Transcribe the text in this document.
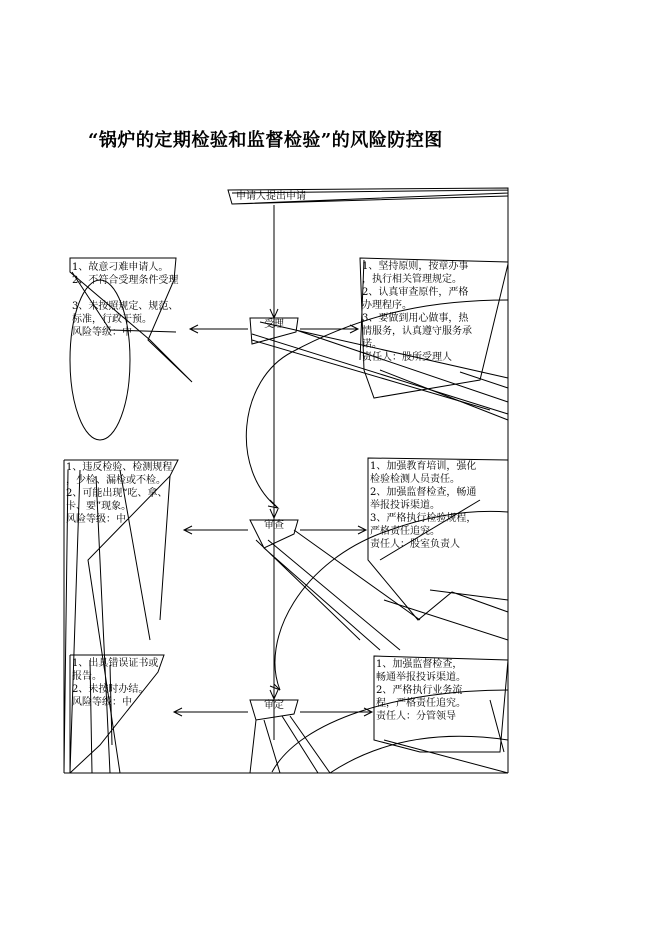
“锅炉的定期检验和监督检验”的风险防控图
申请人提出申请
受理
审查
审定
1、故意刁难申请人。
2、不符合受理条件受理
3、未按照规定、规范、
标准，行政干预。
风险等级：中
1、违反检验、检测规程
，少检、漏检或不检。
2、可能出现“吃、拿、
卡、要”现象。
风险等级：中
1、出具错误证书或
报告。
2、未按时办结。
风险等级：中
1、坚持原则，按章办事
，执行相关管理规定。
2、认真审查原件，严格
办理程序。
3、要做到用心做事，热
情服务，认真遵守服务承
诺。
责任人：股所受理人
1、加强教育培训，强化
检验检测人员责任。
2、加强监督检查，畅通
举报投诉渠道。
3、严格执行检验规程，
严格责任追究。
责任人：股室负责人
1、加强监督检查，
畅通举报投诉渠道。
2、严格执行业务流
程，严格责任追究。
责任人：分管领导
